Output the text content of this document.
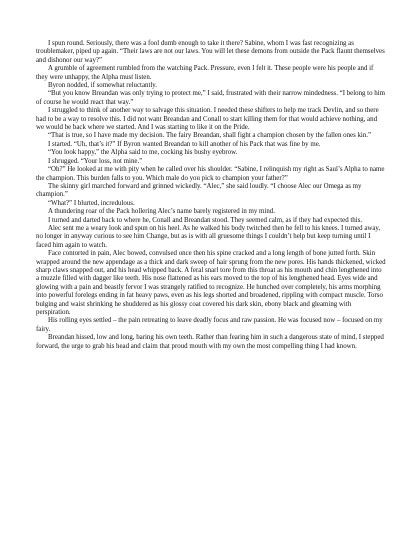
I spun round. Seriously, there was a fool dumb enough to take it there? Sabine, whom I was fast recognizing as troublemaker, piped up again. “Their laws are not our laws. You will let these demons from outside the Pack flaunt themselves and dishonor our way?”

A grumble of agreement rumbled from the watching Pack. Pressure, even I felt it. These people were his people and if they were unhappy, the Alpha must listen.

Byron nodded, if somewhat reluctantly.

“But you know Breandan was only trying to protect me,” I said, frustrated with their narrow mindedness. “I belong to him of course he would react that way.”

I struggled to think of another way to salvage this situation. I needed these shifters to help me track Devlin, and so there had to be a way to resolve this. I did not want Breandan and Conall to start killing them for that would achieve nothing, and we would be back where we started. And I was starting to like it on the Pride.

“That is true, so I have made my decision. The fairy Breandan, shall fight a champion chosen by the fallen ones kin.”

I started. “Uh, that’s it?” If Byron wanted Breandan to kill another of his Pack that was fine by me.

“You look happy,” the Alpha said to me, cocking his bushy eyebrow.

I shrugged. “Your loss, not mine.”

“Oh?” He looked at me with pity when he called over his shoulder. “Sabine, I relinquish my right as Saul’s Alpha to name the champion. This burden falls to you. Which male do you pick to champion your father?”

The skinny girl marched forward and grinned wickedly. “Alec,” she said loudly. “I choose Alec our Omega as my champion.”

“What?” I blurted, incredulous.

A thundering roar of the Pack hollering Alec’s name barely registered in my mind.

I turned and darted back to where he, Conall and Breandan stood. They seemed calm, as if they had expected this.

Alec sent me a weary look and spun on his heel. As he walked his body twitched then he fell to his knees. I turned away, no longer in anyway curious to see him Change, but as is with all gruesome things I couldn’t help but keep turning until I faced him again to watch.

Face contorted in pain, Alec bowed, convulsed once then his spine cracked and a long length of bone jutted forth. Skin wrapped around the new appendage as a thick and dark sweep of hair sprung from the new pores. His hands thickened, wicked sharp claws snapped out, and his head whipped back. A feral snarl tore from this throat as his mouth and chin lengthened into a muzzle filled with dagger like teeth. His nose flattened as his ears moved to the top of his lengthened head. Eyes wide and glowing with a pain and beastly fervor I was strangely ratified to recognize. He hunched over completely, his arms morphing into powerful forelegs ending in fat heavy paws, even as his legs shorted and broadened, rippling with compact muscle. Torso bulging and waist shrinking he shuddered as his glossy coat covered his dark skin, ebony black and gleaming with perspiration.

His rolling eyes settled – the pain retreating to leave deadly focus and raw passion. He was focused now – focused on my fairy.

Breandan hissed, low and long, baring his own teeth. Rather than fearing him in such a dangerous state of mind, I stepped forward, the urge to grab his head and claim that proud mouth with my own the most compelling thing I had known.
